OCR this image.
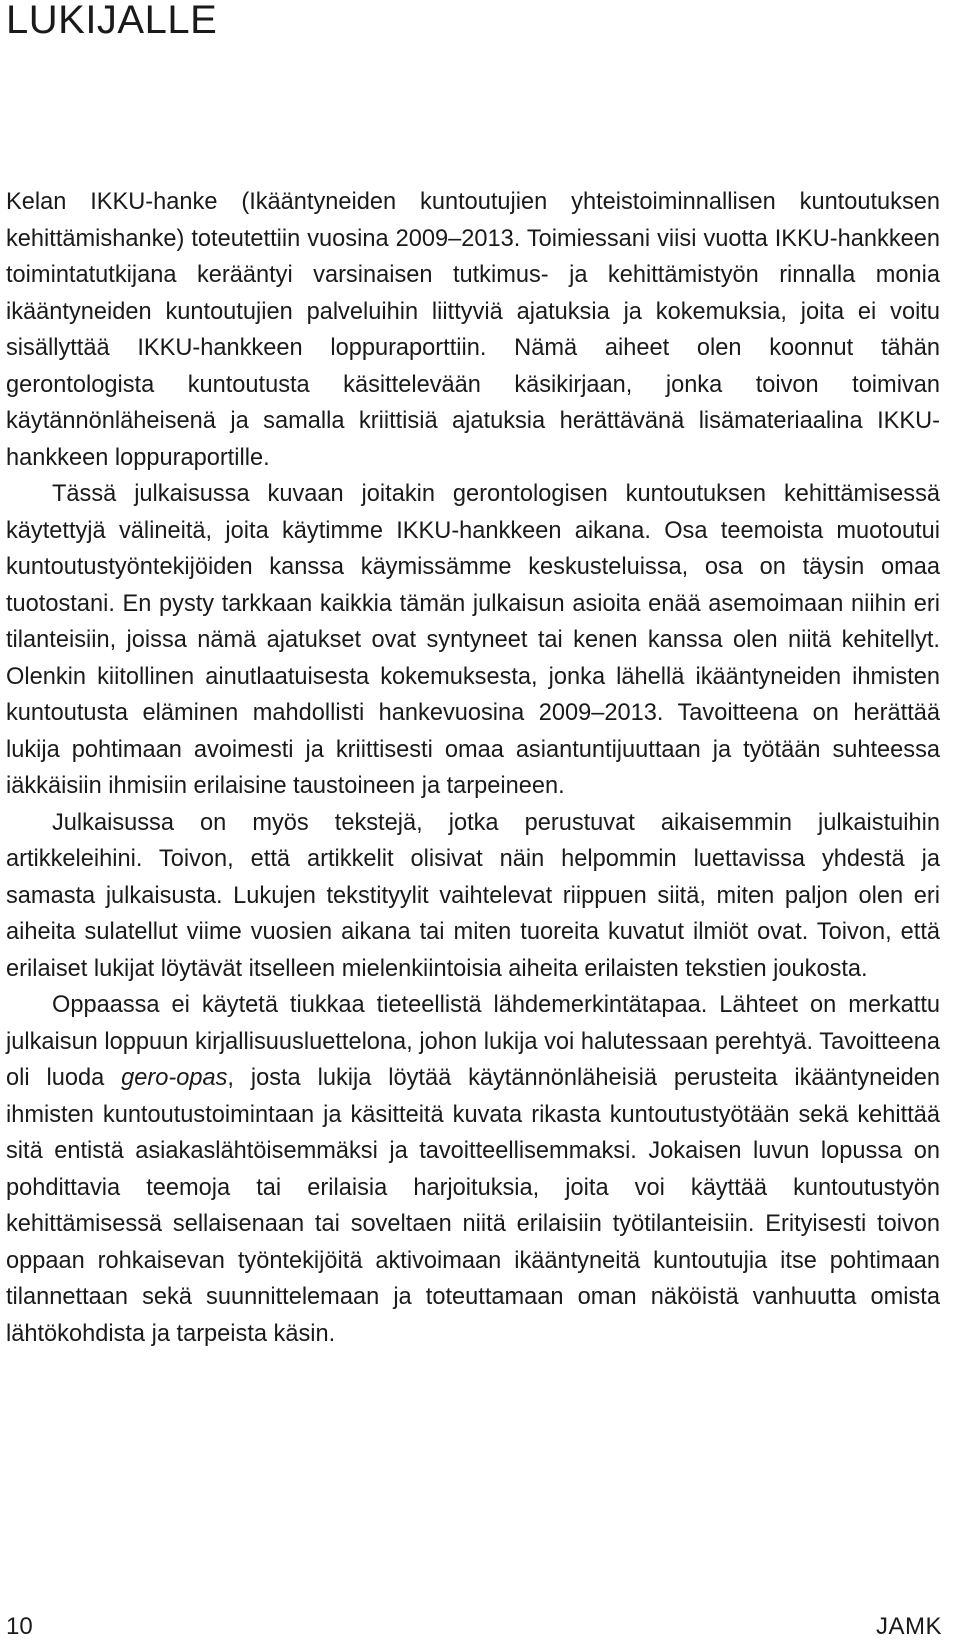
LUKIJALLE

Kelan IKKU-hanke (Ikääntyneiden kuntoutujien yhteistoiminnallisen kuntoutuksen kehittämishanke) toteutettiin vuosina 2009–2013. Toimiessani viisi vuotta IKKU-hankkeen toimintatutkijana kerääntyi varsinaisen tutkimus- ja kehittämistyön rinnalla monia ikääntyneiden kuntoutujien palveluihin liittyviä ajatuksia ja kokemuksia, joita ei voitu sisällyttää IKKU-hankkeen loppuraporttiin. Nämä aiheet olen koonnut tähän gerontologista kuntoutusta käsittelevään käsikirjaan, jonka toivon toimivan käytännönläheisenä ja samalla kriittisiä ajatuksia herättävänä lisämateriaalina IKKU-hankkeen loppuraportille.

Tässä julkaisussa kuvaan joitakin gerontologisen kuntoutuksen kehittämisessä käytettyjä välineitä, joita käytimme IKKU-hankkeen aikana. Osa teemoista muotoutui kuntoutustyöntekijöiden kanssa käymissämme keskusteluissa, osa on täysin omaa tuotostani. En pysty tarkkaan kaikkia tämän julkaisun asioita enää asemoimaan niihin eri tilanteisiin, joissa nämä ajatukset ovat syntyneet tai kenen kanssa olen niitä kehitellyt. Olenkin kiitollinen ainutlaatuisesta kokemuksesta, jonka lähellä ikääntyneiden ihmisten kuntoutusta eläminen mahdollisti hankevuosina 2009–2013. Tavoitteena on herättää lukija pohtimaan avoimesti ja kriittisesti omaa asiantuntijuuttaan ja työtään suhteessa iäkkäisiin ihmisiin erilaisine taustoineen ja tarpeineen.

Julkaisussa on myös tekstejä, jotka perustuvat aikaisemmin julkaistuihin artikkeleihini. Toivon, että artikkelit olisivat näin helpommin luettavissa yhdestä ja samasta julkaisusta. Lukujen tekstityylit vaihtelevat riippuen siitä, miten paljon olen eri aiheita sulatellut viime vuosien aikana tai miten tuoreita kuvatut ilmiöt ovat. Toivon, että erilaiset lukijat löytävät itselleen mielenkiintoisia aiheita erilaisten tekstien joukosta.

Oppaassa ei käytetä tiukkaa tieteellistä lähdemerkintätapaa. Lähteet on merkattu julkaisun loppuun kirjallisuusluettelona, johon lukija voi halutessaan perehtyä. Tavoitteena oli luoda gero-opas, josta lukija löytää käytännönläheisiä perusteita ikääntyneiden ihmisten kuntoutustoimintaan ja käsitteitä kuvata rikasta kuntoutustyötään sekä kehittää sitä entistä asiakaslähtöisemmäksi ja tavoitteellisemmaksi. Jokaisen luvun lopussa on pohdittavia teemoja tai erilaisia harjoituksia, joita voi käyttää kuntoutustyön kehittämisessä sellaisenaan tai soveltaen niitä erilaisiin työtilanteisiin. Erityisesti toivon oppaan rohkaisevan työntekijöitä aktivoimaan ikääntyneitä kuntoutujia itse pohtimaan tilannettaan sekä suunnittelemaan ja toteuttamaan oman näköistä vanhuutta omista lähtökohdista ja tarpeista käsin.

10	JAMK
